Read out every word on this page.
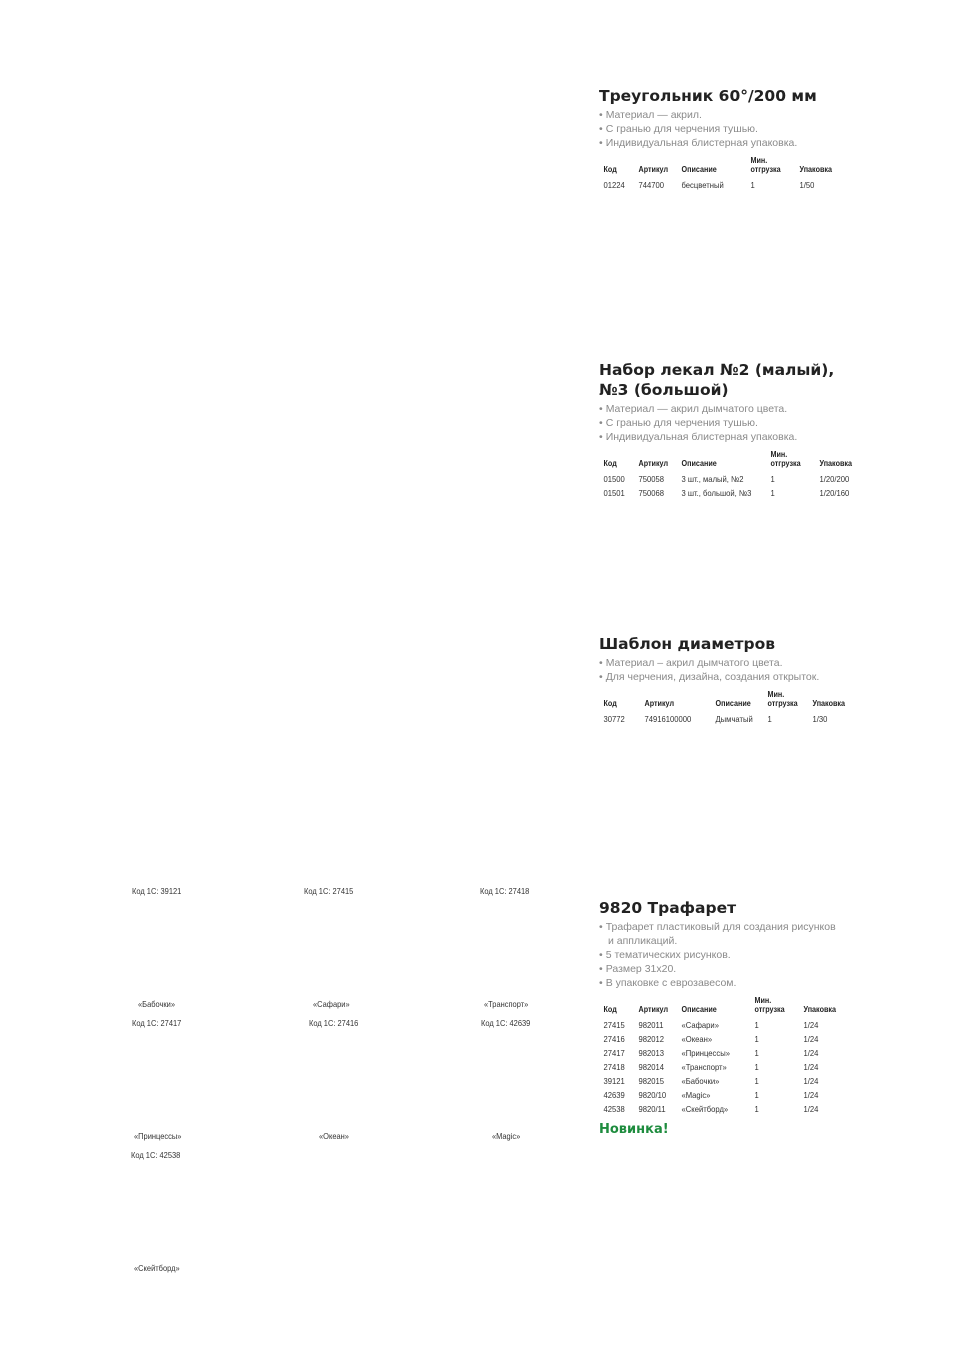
Треугольник 60°/200 мм
• Материал — акрил.
• С гранью для черчения тушью.
• Индивидуальная блистерная упаковка.
Код	Артикул	Описание	Мин. отгрузка	Упаковка
01224	744700	бесцветный	1	1/50
Набор лекал №2 (малый),
№3 (большой)
• Материал — акрил дымчатого цвета.
• С гранью для черчения тушью.
• Индивидуальная блистерная упаковка.
Код	Артикул	Описание	Мин. отгрузка	Упаковка
01500	750058	3 шт., малый, №2	1	1/20/200
01501	750068	3 шт., большой, №3	1	1/20/160
Шаблон диаметров
• Материал – акрил дымчатого цвета.
• Для черчения, дизайна, создания открыток.
Код	Артикул	Описание	Мин. отгрузка	Упаковка
30772	74916100000	Дымчатый	1	1/30
9820 Трафарет
• Трафарет пластиковый для создания рисунков
и аппликаций.
• 5 тематических рисунков.
• Размер 31х20.
• В упаковке с еврозавесом.
Код	Артикул	Описание	Мин. отгрузка	Упаковка
27415	982011	«Сафари»	1	1/24
27416	982012	«Океан»	1	1/24
27417	982013	«Принцессы»	1	1/24
27418	982014	«Транспорт»	1	1/24
39121	982015	«Бабочки»	1	1/24
42639	9820/10	«Magic»	1	1/24
42538	9820/11	«Скейтборд»	1	1/24
Новинка!
Код 1С: 39121	Код 1С: 27415	Код 1С: 27418
«Бабочки»	«Сафари»	«Транспорт»
Код 1С: 27417	Код 1С: 27416	Код 1С: 42639
«Принцессы»	«Океан»	«Magic»
Код 1С: 42538
«Скейтборд»
